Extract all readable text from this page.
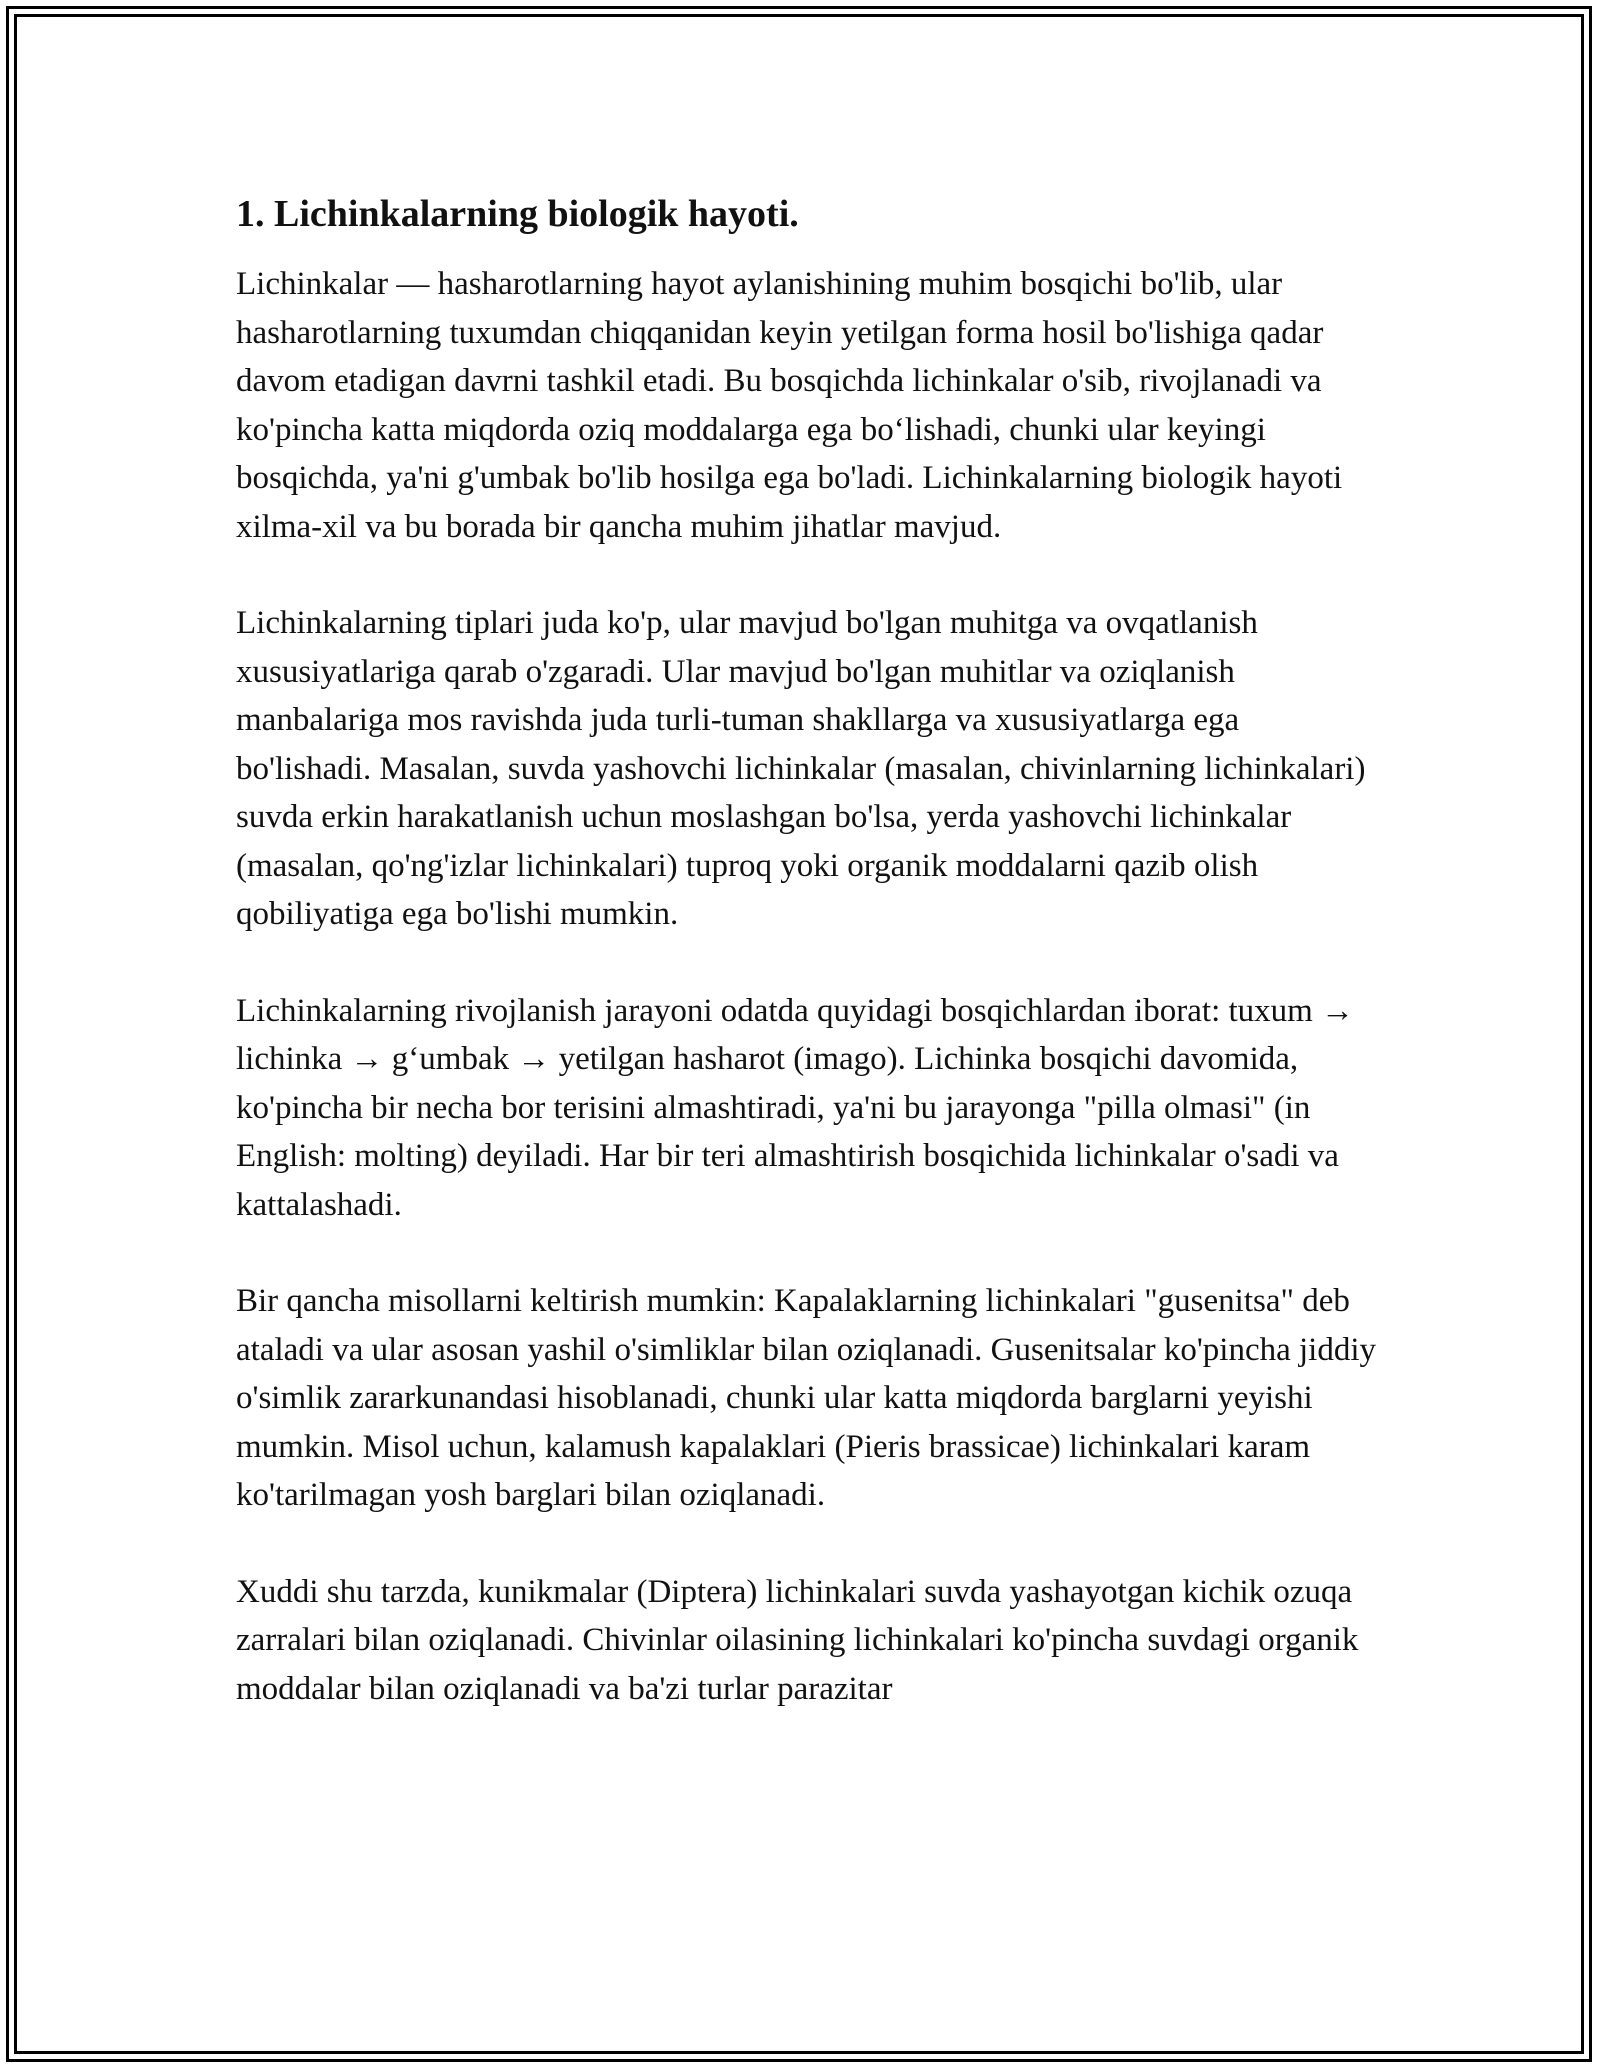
1. Lichinkalarning biologik hayoti.

Lichinkalar — hasharotlarning hayot aylanishining muhim bosqichi bo'lib, ular hasharotlarning tuxumdan chiqqanidan keyin yetilgan forma hosil bo'lishiga qadar davom etadigan davrni tashkil etadi. Bu bosqichda lichinkalar o'sib, rivojlanadi va ko'pincha katta miqdorda oziq moddalarga ega bo‘lishadi, chunki ular keyingi bosqichda, ya'ni g'umbak bo'lib hosilga ega bo'ladi. Lichinkalarning biologik hayoti xilma-xil va bu borada bir qancha muhim jihatlar mavjud.

Lichinkalarning tiplari juda ko'p, ular mavjud bo'lgan muhitga va ovqatlanish xususiyatlariga qarab o'zgaradi. Ular mavjud bo'lgan muhitlar va oziqlanish manbalariga mos ravishda juda turli-tuman shakllarga va xususiyatlarga ega bo'lishadi. Masalan, suvda yashovchi lichinkalar (masalan, chivinlarning lichinkalari) suvda erkin harakatlanish uchun moslashgan bo'lsa, yerda yashovchi lichinkalar (masalan, qo'ng'izlar lichinkalari) tuproq yoki organik moddalarni qazib olish qobiliyatiga ega bo'lishi mumkin.

Lichinkalarning rivojlanish jarayoni odatda quyidagi bosqichlardan iborat: tuxum → lichinka → g‘umbak → yetilgan hasharot (imago). Lichinka bosqichi davomida, ko'pincha bir necha bor terisini almashtiradi, ya'ni bu jarayonga "pilla olmasi" (in English: molting) deyiladi. Har bir teri almashtirish bosqichida lichinkalar o'sadi va kattalashadi.

Bir qancha misollarni keltirish mumkin: Kapalaklarning lichinkalari "gusenitsa" deb ataladi va ular asosan yashil o'simliklar bilan oziqlanadi. Gusenitsalar ko'pincha jiddiy o'simlik zararkunandasi hisoblanadi, chunki ular katta miqdorda barglarni yeyishi mumkin. Misol uchun, kalamush kapalaklari (Pieris brassicae) lichinkalari karam ko'tarilmagan yosh barglari bilan oziqlanadi.

Xuddi shu tarzda, kunikmalar (Diptera) lichinkalari suvda yashayotgan kichik ozuqa zarralari bilan oziqlanadi. Chivinlar oilasining lichinkalari ko'pincha suvdagi organik moddalar bilan oziqlanadi va ba'zi turlar parazitar
